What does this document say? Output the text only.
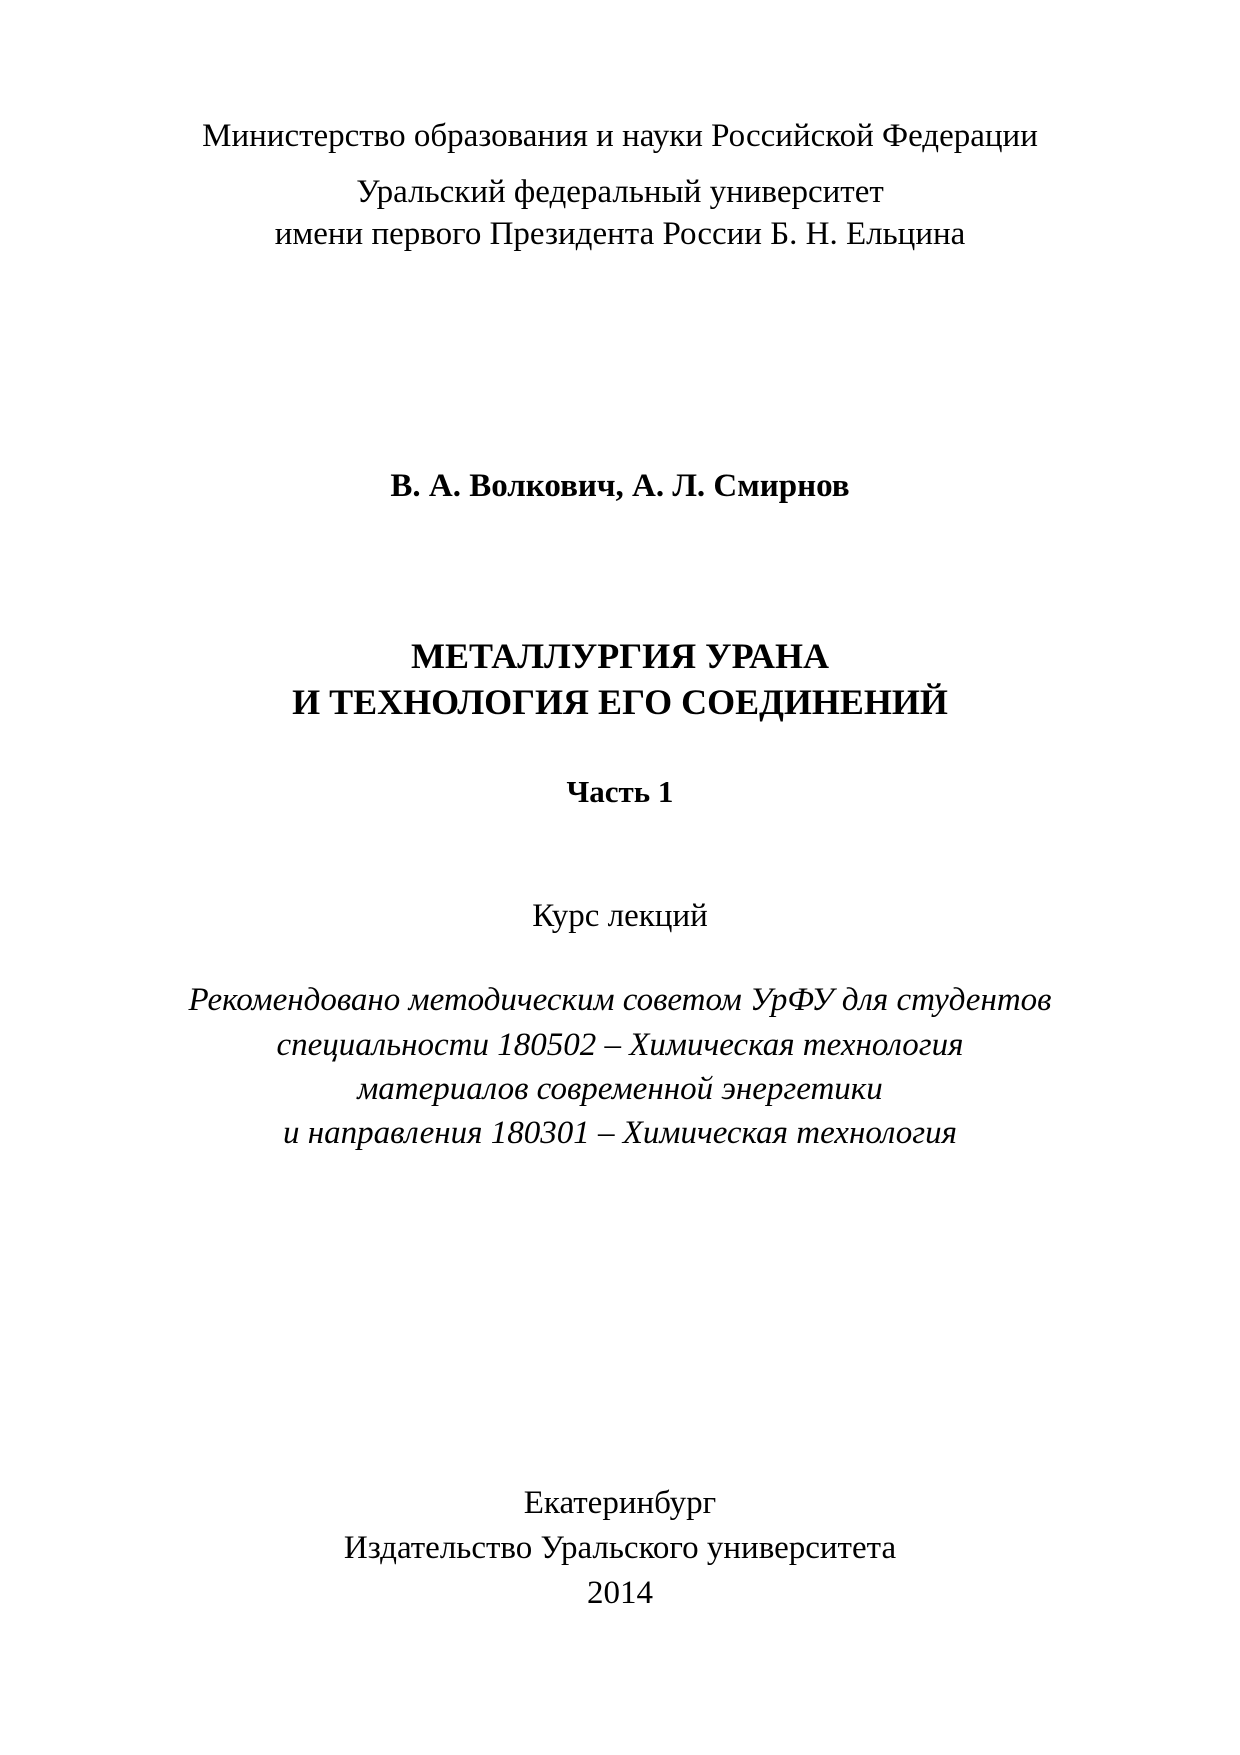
Министерство образования и науки Российской Федерации
Уральский федеральный университет
имени первого Президента России Б. Н. Ельцина
В. А. Волкович, А. Л. Смирнов
МЕТАЛЛУРГИЯ УРАНА
И ТЕХНОЛОГИЯ ЕГО СОЕДИНЕНИЙ
Часть 1
Курс лекций
Рекомендовано методическим советом УрФУ для студентов
специальности 180502 – Химическая технология
материалов современной энергетики
и направления 180301 – Химическая технология
Екатеринбург
Издательство Уральского университета
2014
